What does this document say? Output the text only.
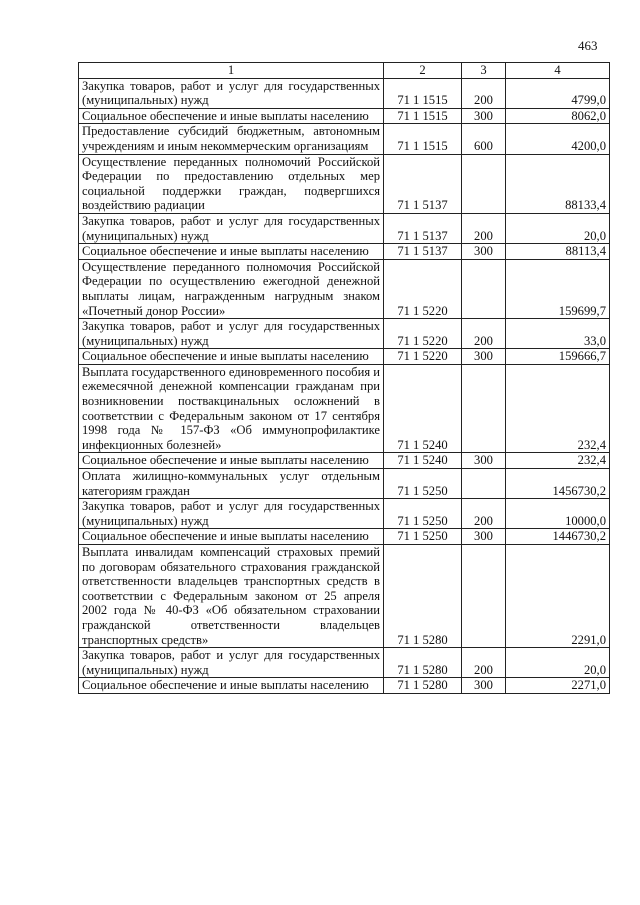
463
1	2	3	4
Закупка товаров, работ и услуг для государственных (муниципальных) нужд	71 1 1515	200	4799,0
Социальное обеспечение и иные выплаты населению	71 1 1515	300	8062,0
Предоставление субсидий бюджетным, автономным учреждениям и иным некоммерческим организациям	71 1 1515	600	4200,0
Осуществление переданных полномочий Российской Федерации по предоставлению отдельных мер социальной поддержки граждан, подвергшихся воздействию радиации	71 1 5137		88133,4
Закупка товаров, работ и услуг для государственных (муниципальных) нужд	71 1 5137	200	20,0
Социальное обеспечение и иные выплаты населению	71 1 5137	300	88113,4
Осуществление переданного полномочия Российской Федерации по осуществлению ежегодной денежной выплаты лицам, награжденным нагрудным знаком «Почетный донор России»	71 1 5220		159699,7
Закупка товаров, работ и услуг для государственных (муниципальных) нужд	71 1 5220	200	33,0
Социальное обеспечение и иные выплаты населению	71 1 5220	300	159666,7
Выплата государственного единовременного пособия и ежемесячной денежной компенсации гражданам при возникновении поствакцинальных осложнений в соответствии с Федеральным законом от 17 сентября 1998 года № 157-ФЗ «Об иммунопрофилактике инфекционных болезней»	71 1 5240		232,4
Социальное обеспечение и иные выплаты населению	71 1 5240	300	232,4
Оплата жилищно-коммунальных услуг отдельным категориям граждан	71 1 5250		1456730,2
Закупка товаров, работ и услуг для государственных (муниципальных) нужд	71 1 5250	200	10000,0
Социальное обеспечение и иные выплаты населению	71 1 5250	300	1446730,2
Выплата инвалидам компенсаций страховых премий по договорам обязательного страхования гражданской ответственности владельцев транспортных средств в соответствии с Федеральным законом от 25 апреля 2002 года № 40-ФЗ «Об обязательном страховании гражданской ответственности владельцев транспортных средств»	71 1 5280		2291,0
Закупка товаров, работ и услуг для государственных (муниципальных) нужд	71 1 5280	200	20,0
Социальное обеспечение и иные выплаты населению	71 1 5280	300	2271,0
